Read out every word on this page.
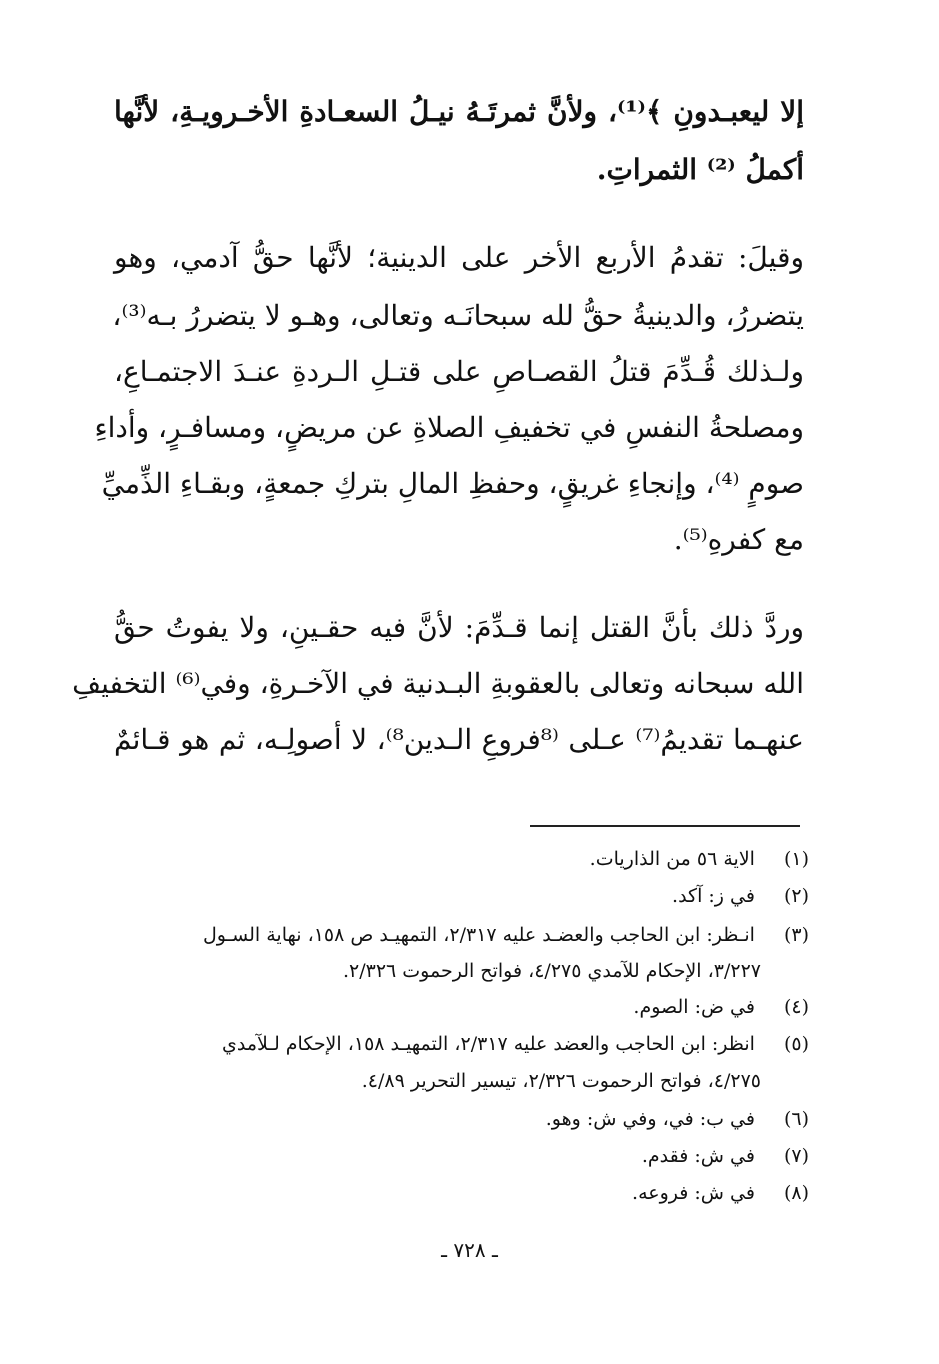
إلا ليعبـدونِ ﴾⁽¹⁾، ولأنَّ ثمرتَـهُ نيـلُ السعـادةِ الأخـرويـةِ، لأنَّها
أكملُ ⁽²⁾ الثمراتِ.
وقيلَ: تقدمُ الأربع الأخر على الدينية؛ لأنَّها حقُّ آدمي، وهو
يتضررُ، والدينيةُ حقُّ لله سبحانَـه وتعالى، وهـو لا يتضررُ بـه⁽³⁾،
ولـذلك قُـدِّمَ قتلُ القصـاصِ على قتـلِ الـردةِ عنـدَ الاجتمـاعِ،
ومصلحةُ النفسِ في تخفيفِ الصلاةِ عن مريضٍ، ومسافـرٍ، وأداءِ
صومٍ ⁽⁴⁾، وإنجاءِ غريقٍ، وحفظِ المالِ بتركِ جمعةٍ، وبقـاءِ الذِّميِّ
مع كفرهِ⁽⁵⁾.
وردَّ ذلك بأنَّ القتل إنما قـدِّمَ: لأنَّ فيه حقـينِ، ولا يفوتُ حقُّ
الله سبحانه وتعالى بالعقوبةِ البـدنية في الآخـرةِ، وفي⁽⁶⁾ التخفيفِ
عنهـما تقديمُ⁽⁷⁾ عـلى ⁽⁸فروعِ الـدين⁸⁾، لا أصولِـه، ثم هو قـائمٌ
(١) الاية ٥٦ من الذاريات.
(٢) في ز: آكد.
(٣) انـظر: ابن الحاجب والعضـد عليه ٢/٣١٧، التمهيـد ص ١٥٨، نهاية السـول
٣/٢٢٧، الإحكام للآمدي ٤/٢٧٥، فواتح الرحموت ٢/٣٢٦.
(٤) في ض: الصوم.
(٥) انظر: ابن الحاجب والعضد عليه ٢/٣١٧، التمهيـد ١٥٨، الإحكام لـلآمدي
٤/٢٧٥، فواتح الرحموت ٢/٣٢٦، تيسير التحرير ٤/٨٩.
(٦) في ب: في، وفي ش: وهو.
(٧) في ش: فقدم.
(٨) في ش: فروعه.
ـ ٧٢٨ ـ
